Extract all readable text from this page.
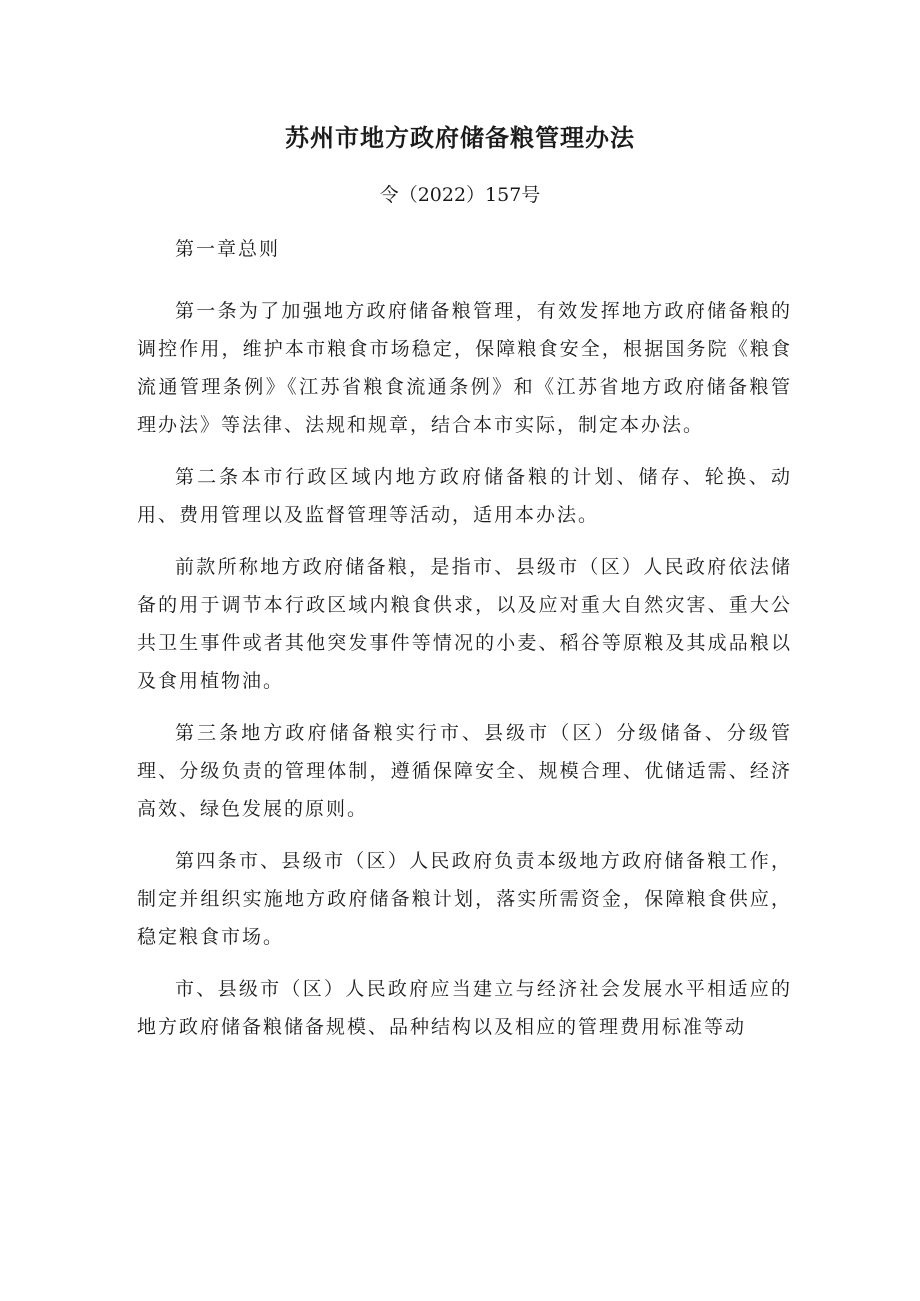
苏州市地方政府储备粮管理办法

令（2022）157号

第一章总则

第一条为了加强地方政府储备粮管理，有效发挥地方政府储备粮的调控作用，维护本市粮食市场稳定，保障粮食安全，根据国务院《粮食流通管理条例》《江苏省粮食流通条例》和《江苏省地方政府储备粮管理办法》等法律、法规和规章，结合本市实际，制定本办法。

第二条本市行政区域内地方政府储备粮的计划、储存、轮换、动用、费用管理以及监督管理等活动，适用本办法。

前款所称地方政府储备粮，是指市、县级市（区）人民政府依法储备的用于调节本行政区域内粮食供求，以及应对重大自然灾害、重大公共卫生事件或者其他突发事件等情况的小麦、稻谷等原粮及其成品粮以及食用植物油。

第三条地方政府储备粮实行市、县级市（区）分级储备、分级管理、分级负责的管理体制，遵循保障安全、规模合理、优储适需、经济高效、绿色发展的原则。

第四条市、县级市（区）人民政府负责本级地方政府储备粮工作，制定并组织实施地方政府储备粮计划，落实所需资金，保障粮食供应，稳定粮食市场。

市、县级市（区）人民政府应当建立与经济社会发展水平相适应的地方政府储备粮储备规模、品种结构以及相应的管理费用标准等动
